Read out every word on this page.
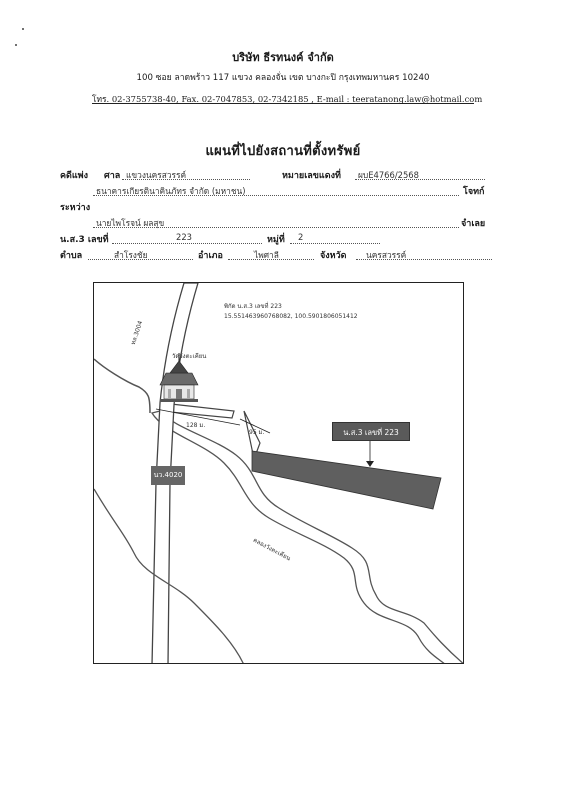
บริษัท ธีรทนงค์ จำกัด
100 ซอย ลาดพร้าว 117 แขวง คลองจั่น เขต บางกะปิ กรุงเทพมหานคร 10240
โทร. 02-3755738-40, Fax. 02-7047853, 02-7342185 , E-mail : teeratanong.law@hotmail.com
แผนที่ไปยังสถานที่ตั้งทรัพย์
คดีแพ่ง ศาล แขวงนครสวรรค์	หมายเลขแดงที่ ผบE4766/2568
ธนาคารเกียรตินาคินภัทร จำกัด (มหาชน)	โจทก์
ระหว่าง
นายไพโรจน์ ผลสุข	จำเลย
น.ส.3 เลขที่	223	หมู่ที่ 2
ตำบล	สำโรงชัย	อำเภอ	ไพศาลี	จังหวัด นครสวรรค์
พิกัด น.ส.3 เลขที่ 223
15.551463960768082, 100.5901806051412
วัดวังตะเคียน
ทล.3004
นว.4020
128 ม.
95 ม.
คลองวังตะเคียน
น.ส.3 เลขที่ 223
